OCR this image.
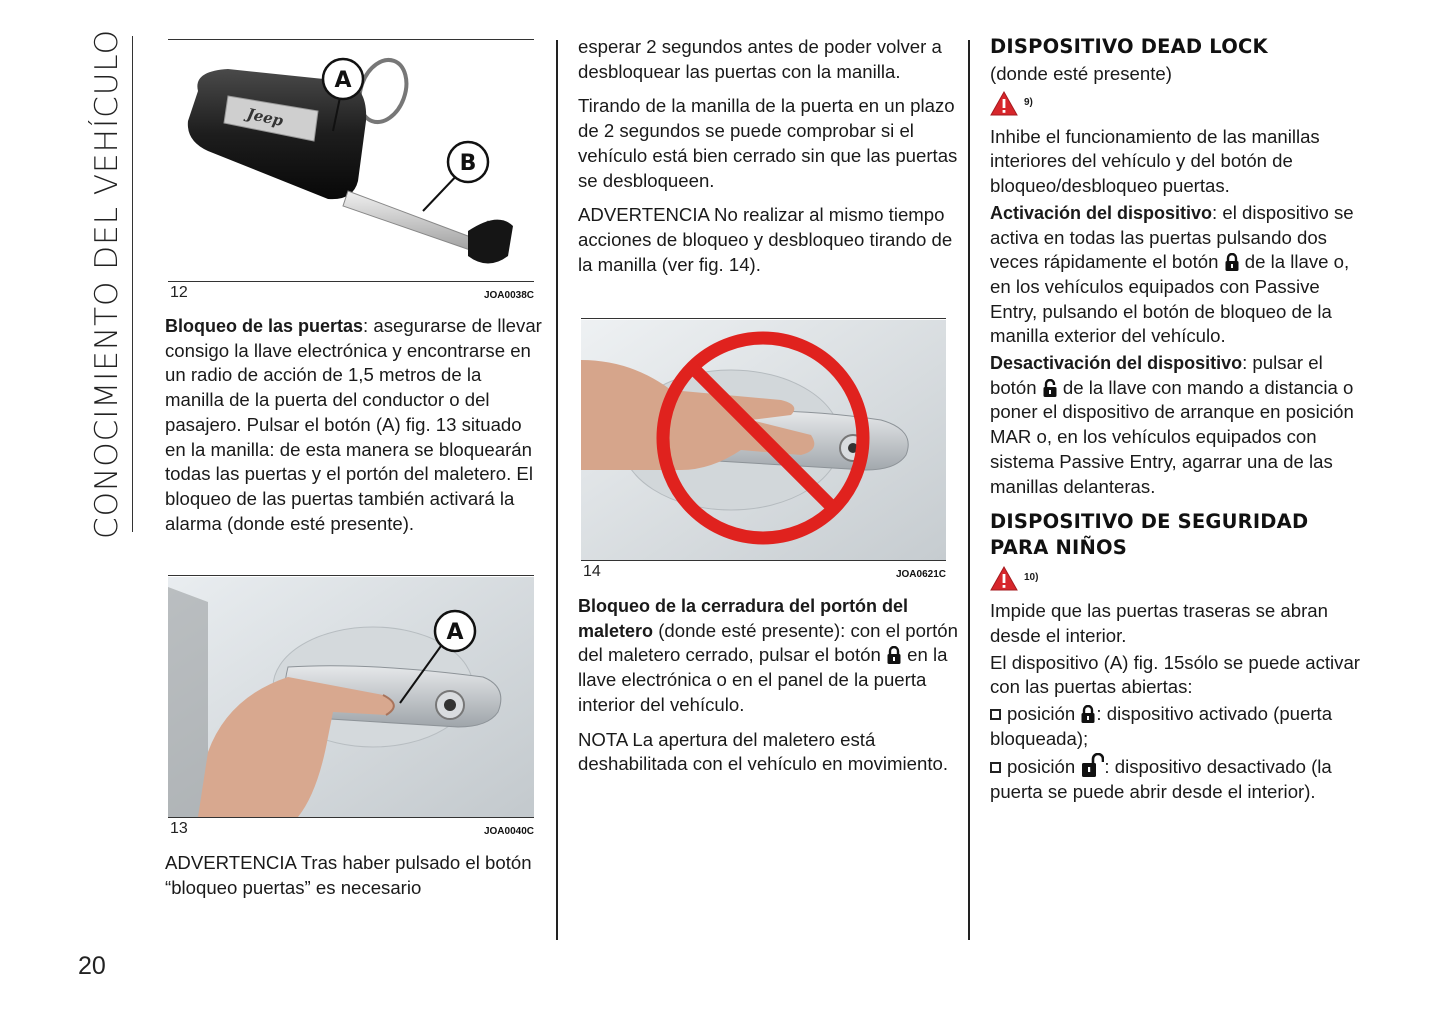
CONOCIMIENTO DEL VEHÍCULO
20
Jeep
A
B
12	JOA0038C

Bloqueo de las puertas: asegurarse de llevar consigo la llave electrónica y encontrarse en un radio de acción de 1,5 metros de la manilla de la puerta del conductor o del pasajero. Pulsar el botón (A) fig. 13 situado en la manilla: de esta manera se bloquearán todas las puertas y el portón del maletero. El bloqueo de las puertas también activará la alarma (donde esté presente).

A
13	JOA0040C

ADVERTENCIA Tras haber pulsado el botón “bloqueo puertas” es necesario

esperar 2 segundos antes de poder volver a desbloquear las puertas con la manilla.

Tirando de la manilla de la puerta en un plazo de 2 segundos se puede comprobar si el vehículo está bien cerrado sin que las puertas se desbloqueen.

ADVERTENCIA No realizar al mismo tiempo acciones de bloqueo y desbloqueo tirando de la manilla (ver fig. 14).

14	JOA0621C

Bloqueo de la cerradura del portón del maletero (donde esté presente): con el portón del maletero cerrado, pulsar el botón  en la llave electrónica o en el panel de la puerta interior del vehículo.

NOTA La apertura del maletero está deshabilitada con el vehículo en movimiento.

DISPOSITIVO DEAD LOCK
(donde esté presente)
9)

Inhibe el funcionamiento de las manillas interiores del vehículo y del botón de bloqueo/desbloqueo puertas.

Activación del dispositivo: el dispositivo se activa en todas las puertas pulsando dos veces rápidamente el botón  de la llave o, en los vehículos equipados con Passive Entry, pulsando el botón de bloqueo de la manilla exterior del vehículo.

Desactivación del dispositivo: pulsar el botón  de la llave con mando a distancia o poner el dispositivo de arranque en posición MAR o, en los vehículos equipados con sistema Passive Entry, agarrar una de las manillas delanteras.

DISPOSITIVO DE SEGURIDAD
PARA NIÑOS
10)

Impide que las puertas traseras se abran desde el interior.

El dispositivo (A) fig. 15sólo se puede activar con las puertas abiertas:

posición : dispositivo activado (puerta bloqueada);

posición : dispositivo desactivado (la puerta se puede abrir desde el interior).
